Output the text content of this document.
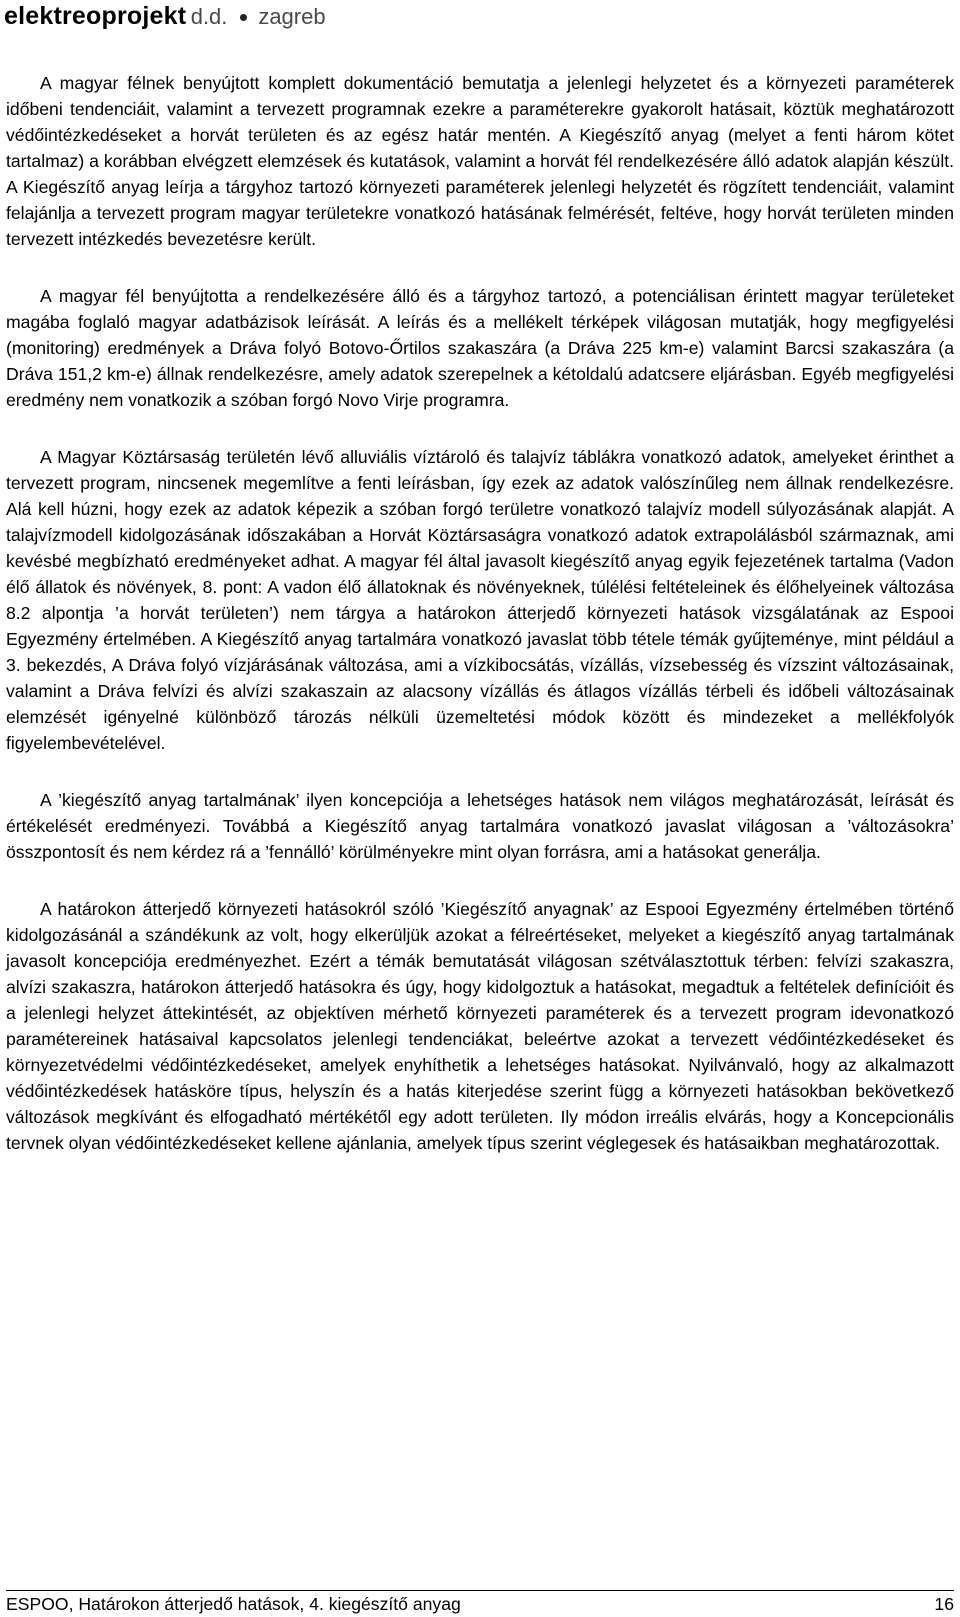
elektreoprojekt d.d. zagreb

A magyar félnek benyújtott komplett dokumentáció bemutatja a jelenlegi helyzetet és a környezeti paraméterek időbeni tendenciáit, valamint a tervezett programnak ezekre a paraméterekre gyakorolt hatásait, köztük meghatározott védőintézkedéseket a horvát területen és az egész határ mentén. A Kiegészítő anyag (melyet a fenti három kötet tartalmaz) a korábban elvégzett elemzések és kutatások, valamint a horvát fél rendelkezésére álló adatok alapján készült. A Kiegészítő anyag leírja a tárgyhoz tartozó környezeti paraméterek jelenlegi helyzetét és rögzített tendenciáit, valamint felajánlja a tervezett program magyar területekre vonatkozó hatásának felmérését, feltéve, hogy horvát területen minden tervezett intézkedés bevezetésre került.

A magyar fél benyújtotta a rendelkezésére álló és a tárgyhoz tartozó, a potenciálisan érintett magyar területeket magába foglaló magyar adatbázisok leírását. A leírás és a mellékelt térképek világosan mutatják, hogy megfigyelési (monitoring) eredmények a Dráva folyó Botovo-Őrtilos szakaszára (a Dráva 225 km-e) valamint Barcsi szakaszára (a Dráva 151,2 km-e) állnak rendelkezésre, amely adatok szerepelnek a kétoldalú adatcsere eljárásban. Egyéb megfigyelési eredmény nem vonatkozik a szóban forgó Novo Virje programra.

A Magyar Köztársaság területén lévő alluviális víztároló és talajvíz táblákra vonatkozó adatok, amelyeket érinthet a tervezett program, nincsenek megemlítve a fenti leírásban, így ezek az adatok valószínűleg nem állnak rendelkezésre. Alá kell húzni, hogy ezek az adatok képezik a szóban forgó területre vonatkozó talajvíz modell súlyozásának alapját. A talajvízmodell kidolgozásának időszakában a Horvát Köztársaságra vonatkozó adatok extrapolálásból származnak, ami kevésbé megbízható eredményeket adhat. A magyar fél által javasolt kiegészítő anyag egyik fejezetének tartalma (Vadon élő állatok és növények, 8. pont: A vadon élő állatoknak és növényeknek, túlélési feltételeinek és élőhelyeinek változása 8.2 alpontja ’a horvát területen’) nem tárgya a határokon átterjedő környezeti hatások vizsgálatának az Espooi Egyezmény értelmében. A Kiegészítő anyag tartalmára vonatkozó javaslat több tétele témák gyűjteménye, mint például a 3. bekezdés, A Dráva folyó vízjárásának változása, ami a vízkibocsátás, vízállás, vízsebesség és vízszint változásainak, valamint a Dráva felvízi és alvízi szakaszain az alacsony vízállás és átlagos vízállás térbeli és időbeli változásainak elemzését igényelné különböző tározás nélküli üzemeltetési módok között és mindezeket a mellékfolyók figyelembevételével.

A ’kiegészítő anyag tartalmának’ ilyen koncepciója a lehetséges hatások nem világos meghatározását, leírását és értékelését eredményezi. Továbbá a Kiegészítő anyag tartalmára vonatkozó javaslat világosan a ’változásokra’ összpontosít és nem kérdez rá a ’fennálló’ körülményekre mint olyan forrásra, ami a hatásokat generálja.

A határokon átterjedő környezeti hatásokról szóló ’Kiegészítő anyagnak’ az Espooi Egyezmény értelmében történő kidolgozásánál a szándékunk az volt, hogy elkerüljük azokat a félreértéseket, melyeket a kiegészítő anyag tartalmának javasolt koncepciója eredményezhet. Ezért a témák bemutatását világosan szétválasztottuk térben: felvízi szakaszra, alvízi szakaszra, határokon átterjedő hatásokra és úgy, hogy kidolgoztuk a hatásokat, megadtuk a feltételek definícióit és a jelenlegi helyzet áttekintését, az objektíven mérhető környezeti paraméterek és a tervezett program idevonatkozó paramétereinek hatásaival kapcsolatos jelenlegi tendenciákat, beleértve azokat a tervezett védőintézkedéseket és környezetvédelmi védőintézkedéseket, amelyek enyhíthetik a lehetséges hatásokat. Nyilvánvaló, hogy az alkalmazott védőintézkedések hatásköre típus, helyszín és a hatás kiterjedése szerint függ a környezeti hatásokban bekövetkező változások megkívánt és elfogadható mértékétől egy adott területen. Ily módon irreális elvárás, hogy a Koncepcionális tervnek olyan védőintézkedéseket kellene ajánlania, amelyek típus szerint véglegesek és hatásaikban meghatározottak.

ESPOO, Határokon átterjedő hatások, 4. kiegészítő anyag	16
